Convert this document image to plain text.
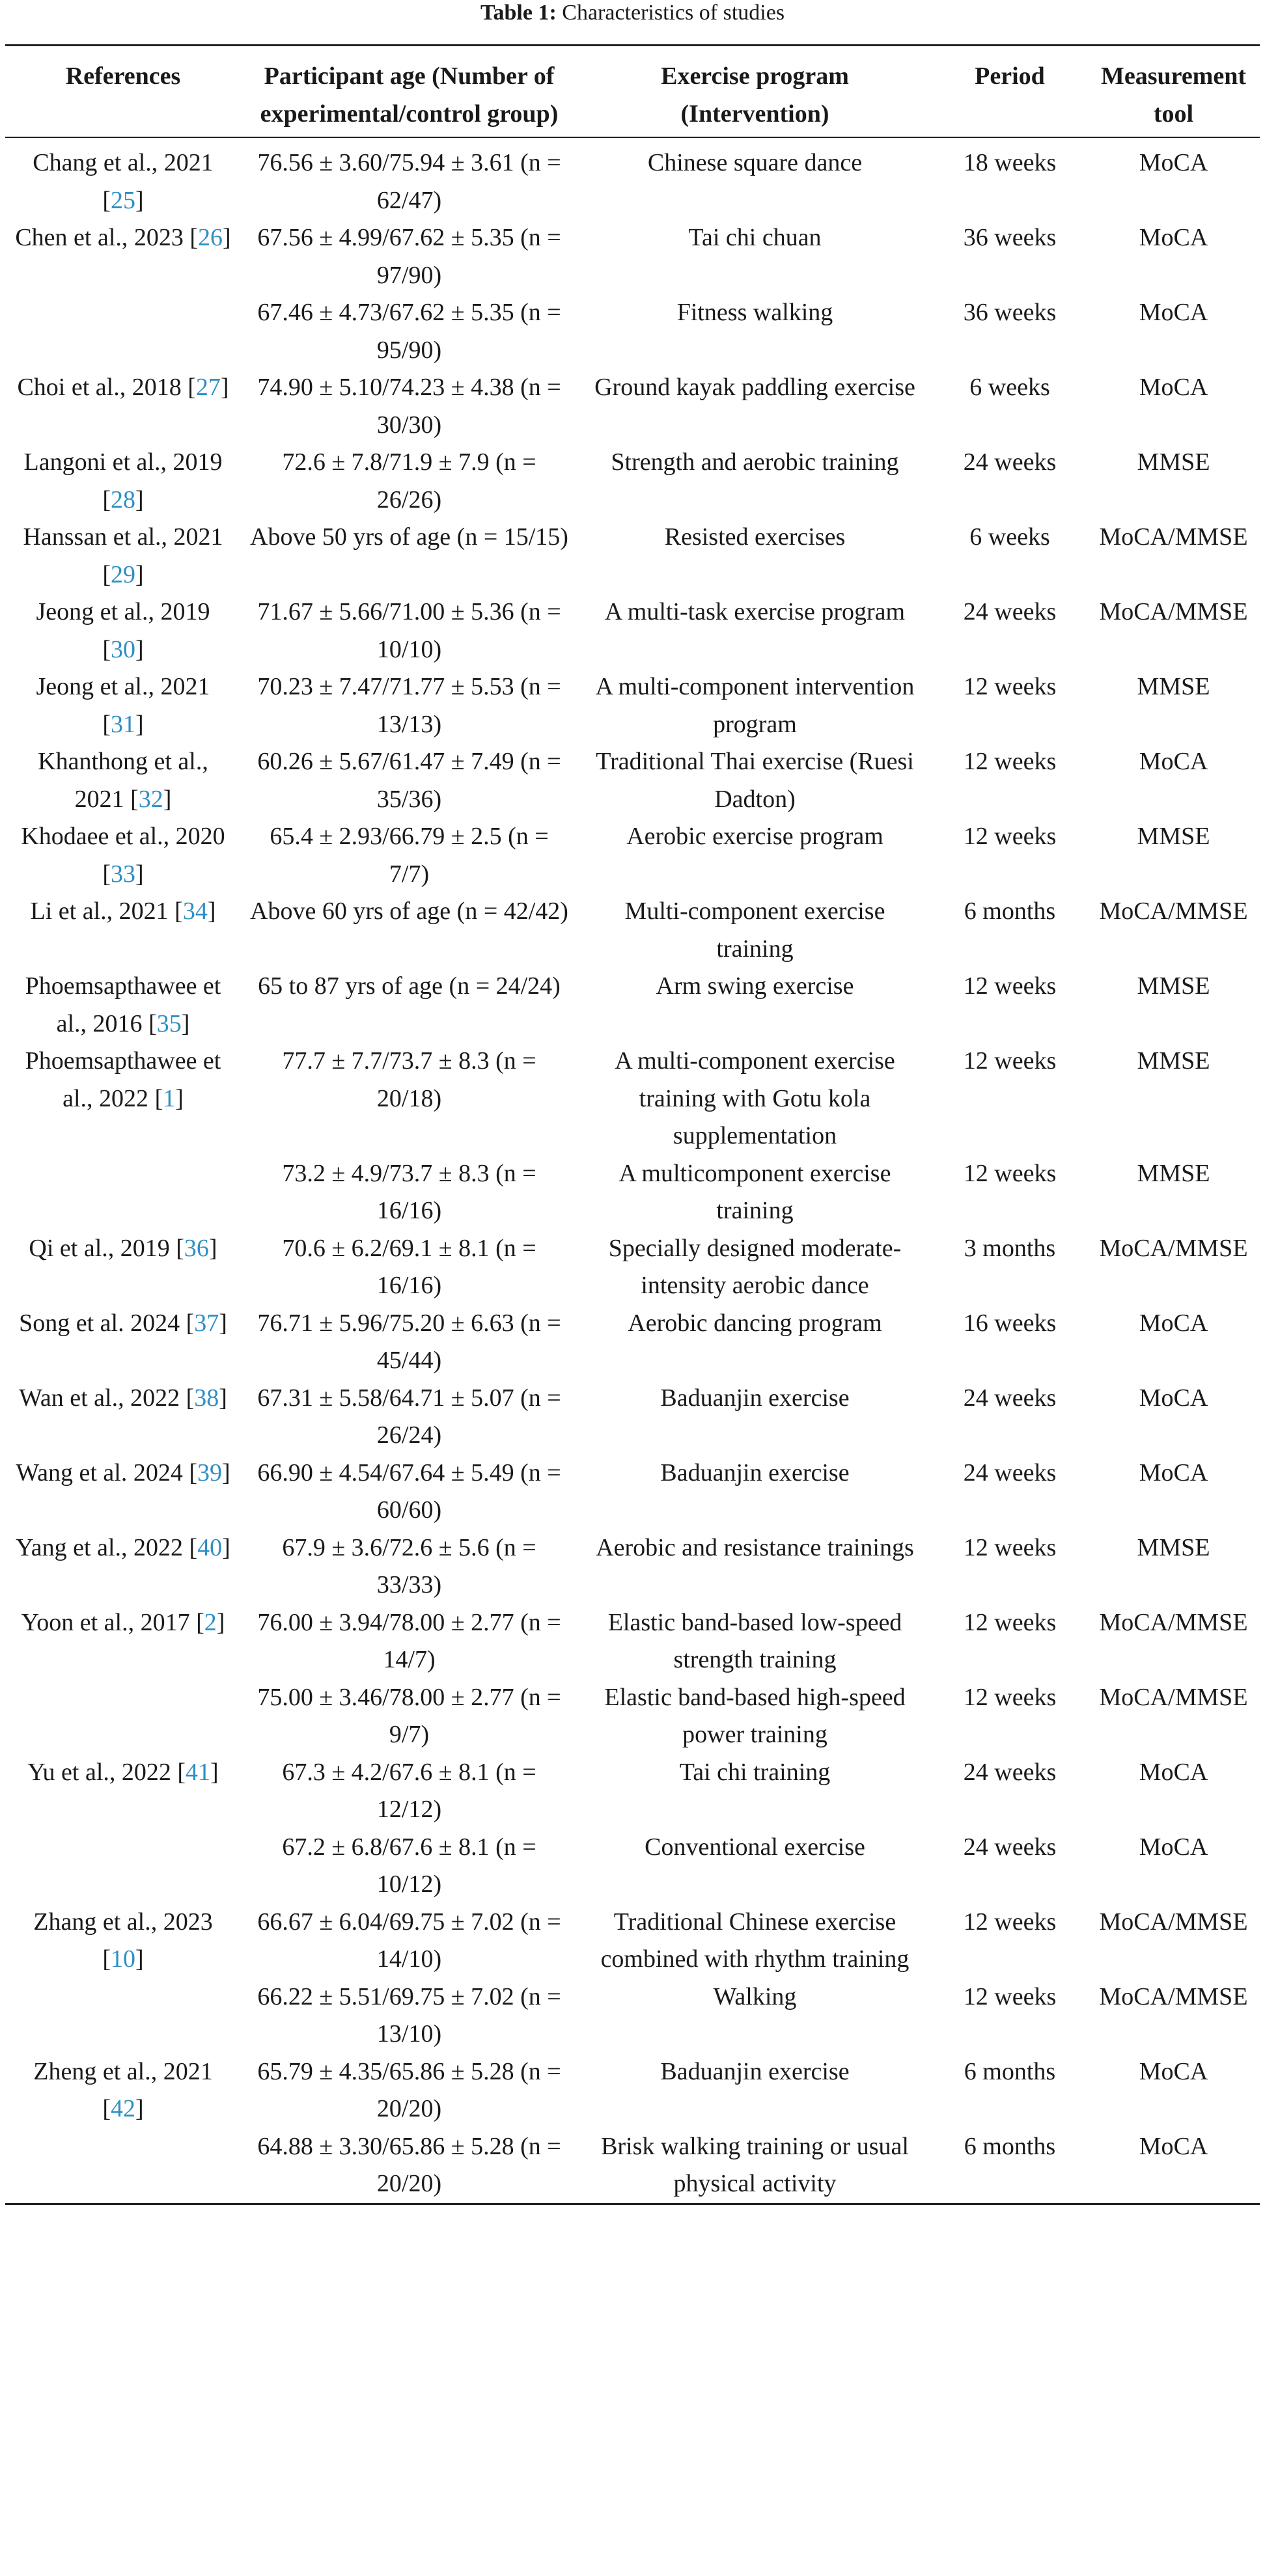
Table 1: Characteristics of studies
References	Participant age (Number of experimental/control group)	Exercise program (Intervention)	Period	Measurement tool
Chang et al., 2021 [25]	76.56 ± 3.60/75.94 ± 3.61 (n = 62/47)	Chinese square dance	18 weeks	MoCA
Chen et al., 2023 [26]	67.56 ± 4.99/67.62 ± 5.35 (n = 97/90)	Tai chi chuan	36 weeks	MoCA
	67.46 ± 4.73/67.62 ± 5.35 (n = 95/90)	Fitness walking	36 weeks	MoCA
Choi et al., 2018 [27]	74.90 ± 5.10/74.23 ± 4.38 (n = 30/30)	Ground kayak paddling exercise	6 weeks	MoCA
Langoni et al., 2019 [28]	72.6 ± 7.8/71.9 ± 7.9 (n = 26/26)	Strength and aerobic training	24 weeks	MMSE
Hanssan et al., 2021 [29]	Above 50 yrs of age (n = 15/15)	Resisted exercises	6 weeks	MoCA/MMSE
Jeong et al., 2019 [30]	71.67 ± 5.66/71.00 ± 5.36 (n = 10/10)	A multi-task exercise program	24 weeks	MoCA/MMSE
Jeong et al., 2021 [31]	70.23 ± 7.47/71.77 ± 5.53 (n = 13/13)	A multi-component intervention program	12 weeks	MMSE
Khanthong et al., 2021 [32]	60.26 ± 5.67/61.47 ± 7.49 (n = 35/36)	Traditional Thai exercise (Ruesi Dadton)	12 weeks	MoCA
Khodaee et al., 2020 [33]	65.4 ± 2.93/66.79 ± 2.5 (n = 7/7)	Aerobic exercise program	12 weeks	MMSE
Li et al., 2021 [34]	Above 60 yrs of age (n = 42/42)	Multi-component exercise training	6 months	MoCA/MMSE
Phoemsapthawee et al., 2016 [35]	65 to 87 yrs of age (n = 24/24)	Arm swing exercise	12 weeks	MMSE
Phoemsapthawee et al., 2022 [1]	77.7 ± 7.7/73.7 ± 8.3 (n = 20/18)	A multi-component exercise training with Gotu kola supplementation	12 weeks	MMSE
	73.2 ± 4.9/73.7 ± 8.3 (n = 16/16)	A multicomponent exercise training	12 weeks	MMSE
Qi et al., 2019 [36]	70.6 ± 6.2/69.1 ± 8.1 (n = 16/16)	Specially designed moderate-intensity aerobic dance	3 months	MoCA/MMSE
Song et al. 2024 [37]	76.71 ± 5.96/75.20 ± 6.63 (n = 45/44)	Aerobic dancing program	16 weeks	MoCA
Wan et al., 2022 [38]	67.31 ± 5.58/64.71 ± 5.07 (n = 26/24)	Baduanjin exercise	24 weeks	MoCA
Wang et al. 2024 [39]	66.90 ± 4.54/67.64 ± 5.49 (n = 60/60)	Baduanjin exercise	24 weeks	MoCA
Yang et al., 2022 [40]	67.9 ± 3.6/72.6 ± 5.6 (n = 33/33)	Aerobic and resistance trainings	12 weeks	MMSE
Yoon et al., 2017 [2]	76.00 ± 3.94/78.00 ± 2.77 (n = 14/7)	Elastic band-based low-speed strength training	12 weeks	MoCA/MMSE
	75.00 ± 3.46/78.00 ± 2.77 (n = 9/7)	Elastic band-based high-speed power training	12 weeks	MoCA/MMSE
Yu et al., 2022 [41]	67.3 ± 4.2/67.6 ± 8.1 (n = 12/12)	Tai chi training	24 weeks	MoCA
	67.2 ± 6.8/67.6 ± 8.1 (n = 10/12)	Conventional exercise	24 weeks	MoCA
Zhang et al., 2023 [10]	66.67 ± 6.04/69.75 ± 7.02 (n = 14/10)	Traditional Chinese exercise combined with rhythm training	12 weeks	MoCA/MMSE
	66.22 ± 5.51/69.75 ± 7.02 (n = 13/10)	Walking	12 weeks	MoCA/MMSE
Zheng et al., 2021 [42]	65.79 ± 4.35/65.86 ± 5.28 (n = 20/20)	Baduanjin exercise	6 months	MoCA
	64.88 ± 3.30/65.86 ± 5.28 (n = 20/20)	Brisk walking training or usual physical activity	6 months	MoCA
